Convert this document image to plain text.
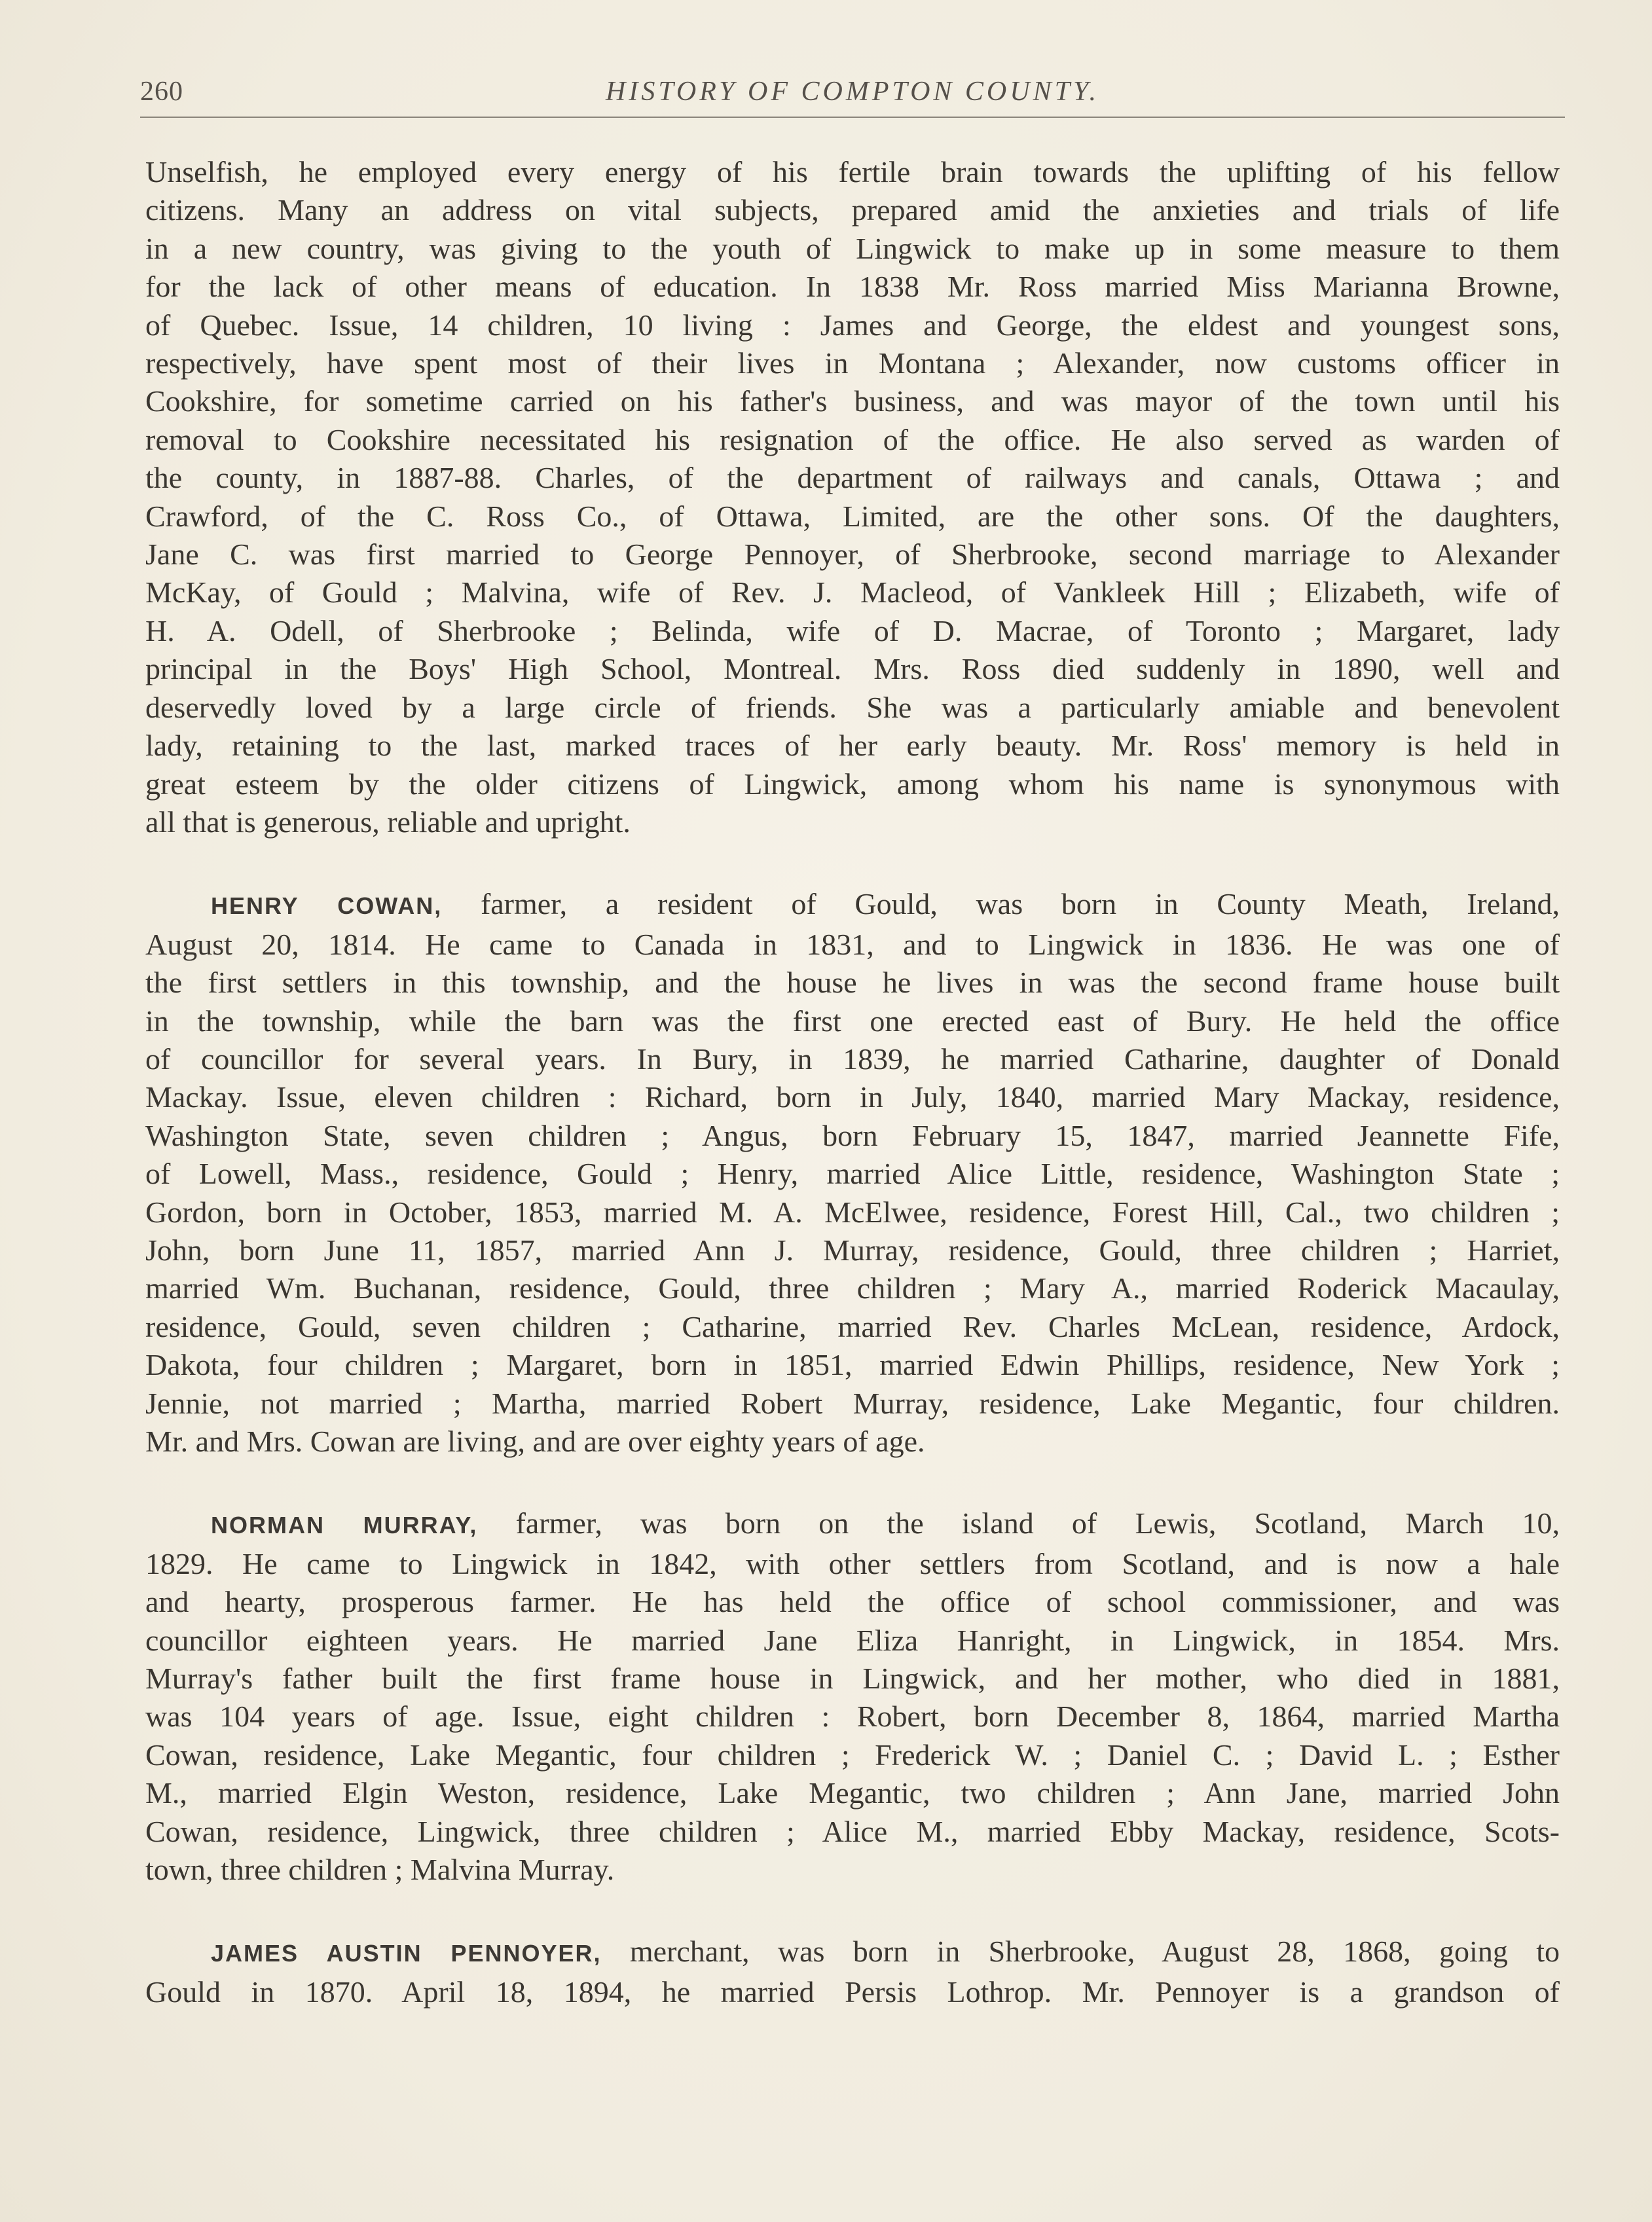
260	HISTORY OF COMPTON COUNTY.

Unselfish, he employed every energy of his fertile brain towards the uplifting of his fellow
citizens. Many an address on vital subjects, prepared amid the anxieties and trials of life
in a new country, was giving to the youth of Lingwick to make up in some measure to them
for the lack of other means of education. In 1838 Mr. Ross married Miss Marianna Browne,
of Quebec. Issue, 14 children, 10 living : James and George, the eldest and youngest sons,
respectively, have spent most of their lives in Montana ; Alexander, now customs officer in
Cookshire, for sometime carried on his father's business, and was mayor of the town until his
removal to Cookshire necessitated his resignation of the office. He also served as warden of
the county, in 1887-88. Charles, of the department of railways and canals, Ottawa ; and
Crawford, of the C. Ross Co., of Ottawa, Limited, are the other sons. Of the daughters,
Jane C. was first married to George Pennoyer, of Sherbrooke, second marriage to Alexander
McKay, of Gould ; Malvina, wife of Rev. J. Macleod, of Vankleek Hill ; Elizabeth, wife of
H. A. Odell, of Sherbrooke ; Belinda, wife of D. Macrae, of Toronto ; Margaret, lady
principal in the Boys' High School, Montreal. Mrs. Ross died suddenly in 1890, well and
deservedly loved by a large circle of friends. She was a particularly amiable and benevolent
lady, retaining to the last, marked traces of her early beauty. Mr. Ross' memory is held in
great esteem by the older citizens of Lingwick, among whom his name is synonymous with
all that is generous, reliable and upright.

HENRY COWAN, farmer, a resident of Gould, was born in County Meath, Ireland,
August 20, 1814. He came to Canada in 1831, and to Lingwick in 1836. He was one of
the first settlers in this township, and the house he lives in was the second frame house built
in the township, while the barn was the first one erected east of Bury. He held the office
of councillor for several years. In Bury, in 1839, he married Catharine, daughter of Donald
Mackay. Issue, eleven children : Richard, born in July, 1840, married Mary Mackay, residence,
Washington State, seven children ; Angus, born February 15, 1847, married Jeannette Fife,
of Lowell, Mass., residence, Gould ; Henry, married Alice Little, residence, Washington State ;
Gordon, born in October, 1853, married M. A. McElwee, residence, Forest Hill, Cal., two children ;
John, born June 11, 1857, married Ann J. Murray, residence, Gould, three children ; Harriet,
married Wm. Buchanan, residence, Gould, three children ; Mary A., married Roderick Macaulay,
residence, Gould, seven children ; Catharine, married Rev. Charles McLean, residence, Ardock,
Dakota, four children ; Margaret, born in 1851, married Edwin Phillips, residence, New York ;
Jennie, not married ; Martha, married Robert Murray, residence, Lake Megantic, four children.
Mr. and Mrs. Cowan are living, and are over eighty years of age.

NORMAN MURRAY, farmer, was born on the island of Lewis, Scotland, March 10,
1829. He came to Lingwick in 1842, with other settlers from Scotland, and is now a hale
and hearty, prosperous farmer. He has held the office of school commissioner, and was
councillor eighteen years. He married Jane Eliza Hanright, in Lingwick, in 1854. Mrs.
Murray's father built the first frame house in Lingwick, and her mother, who died in 1881,
was 104 years of age. Issue, eight children : Robert, born December 8, 1864, married Martha
Cowan, residence, Lake Megantic, four children ; Frederick W. ; Daniel C. ; David L. ; Esther
M., married Elgin Weston, residence, Lake Megantic, two children ; Ann Jane, married John
Cowan, residence, Lingwick, three children ; Alice M., married Ebby Mackay, residence, Scots-
town, three children ; Malvina Murray.

JAMES AUSTIN PENNOYER, merchant, was born in Sherbrooke, August 28, 1868, going to
Gould in 1870. April 18, 1894, he married Persis Lothrop. Mr. Pennoyer is a grandson of
